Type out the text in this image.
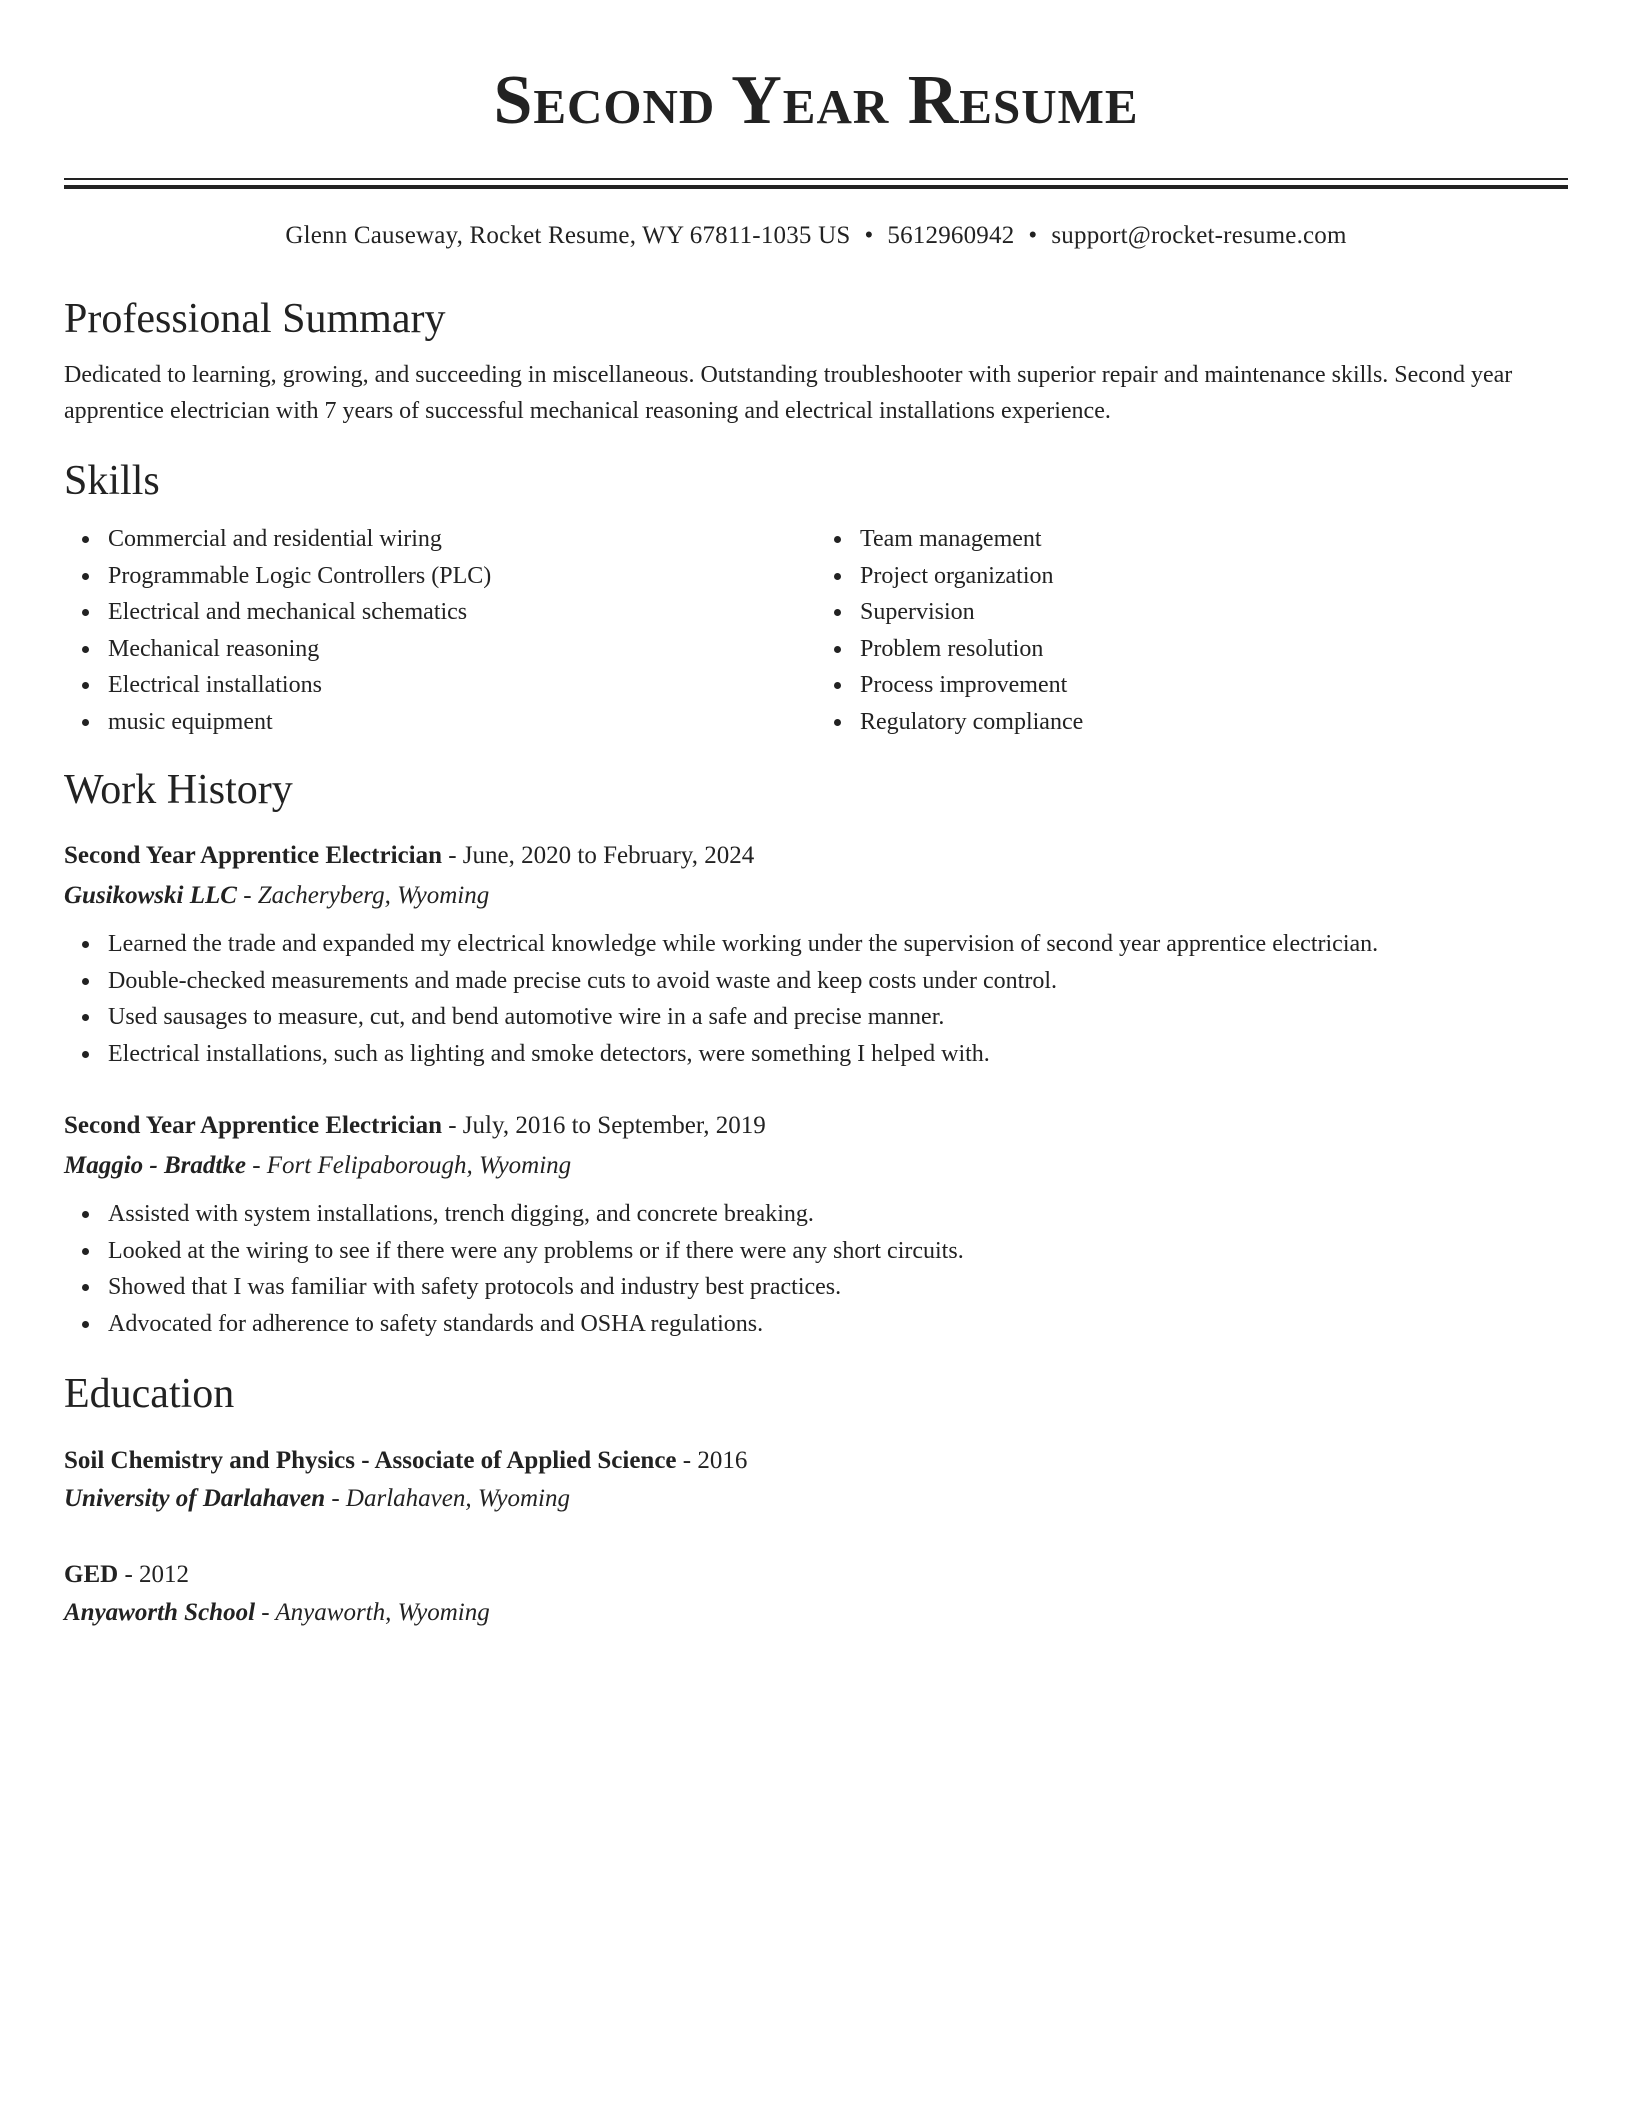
Second Year Resume
Glenn Causeway, Rocket Resume, WY 67811-1035 US • 5612960942 • support@rocket-resume.com
Professional Summary
Dedicated to learning, growing, and succeeding in miscellaneous. Outstanding troubleshooter with superior repair and maintenance skills. Second year apprentice electrician with 7 years of successful mechanical reasoning and electrical installations experience.
Skills
Commercial and residential wiring
Programmable Logic Controllers (PLC)
Electrical and mechanical schematics
Mechanical reasoning
Electrical installations
music equipment
Team management
Project organization
Supervision
Problem resolution
Process improvement
Regulatory compliance
Work History
Second Year Apprentice Electrician - June, 2020 to February, 2024
Gusikowski LLC - Zacheryberg, Wyoming
Learned the trade and expanded my electrical knowledge while working under the supervision of second year apprentice electrician.
Double-checked measurements and made precise cuts to avoid waste and keep costs under control.
Used sausages to measure, cut, and bend automotive wire in a safe and precise manner.
Electrical installations, such as lighting and smoke detectors, were something I helped with.
Second Year Apprentice Electrician - July, 2016 to September, 2019
Maggio - Bradtke - Fort Felipaborough, Wyoming
Assisted with system installations, trench digging, and concrete breaking.
Looked at the wiring to see if there were any problems or if there were any short circuits.
Showed that I was familiar with safety protocols and industry best practices.
Advocated for adherence to safety standards and OSHA regulations.
Education
Soil Chemistry and Physics - Associate of Applied Science - 2016
University of Darlahaven - Darlahaven, Wyoming
GED - 2012
Anyaworth School - Anyaworth, Wyoming
